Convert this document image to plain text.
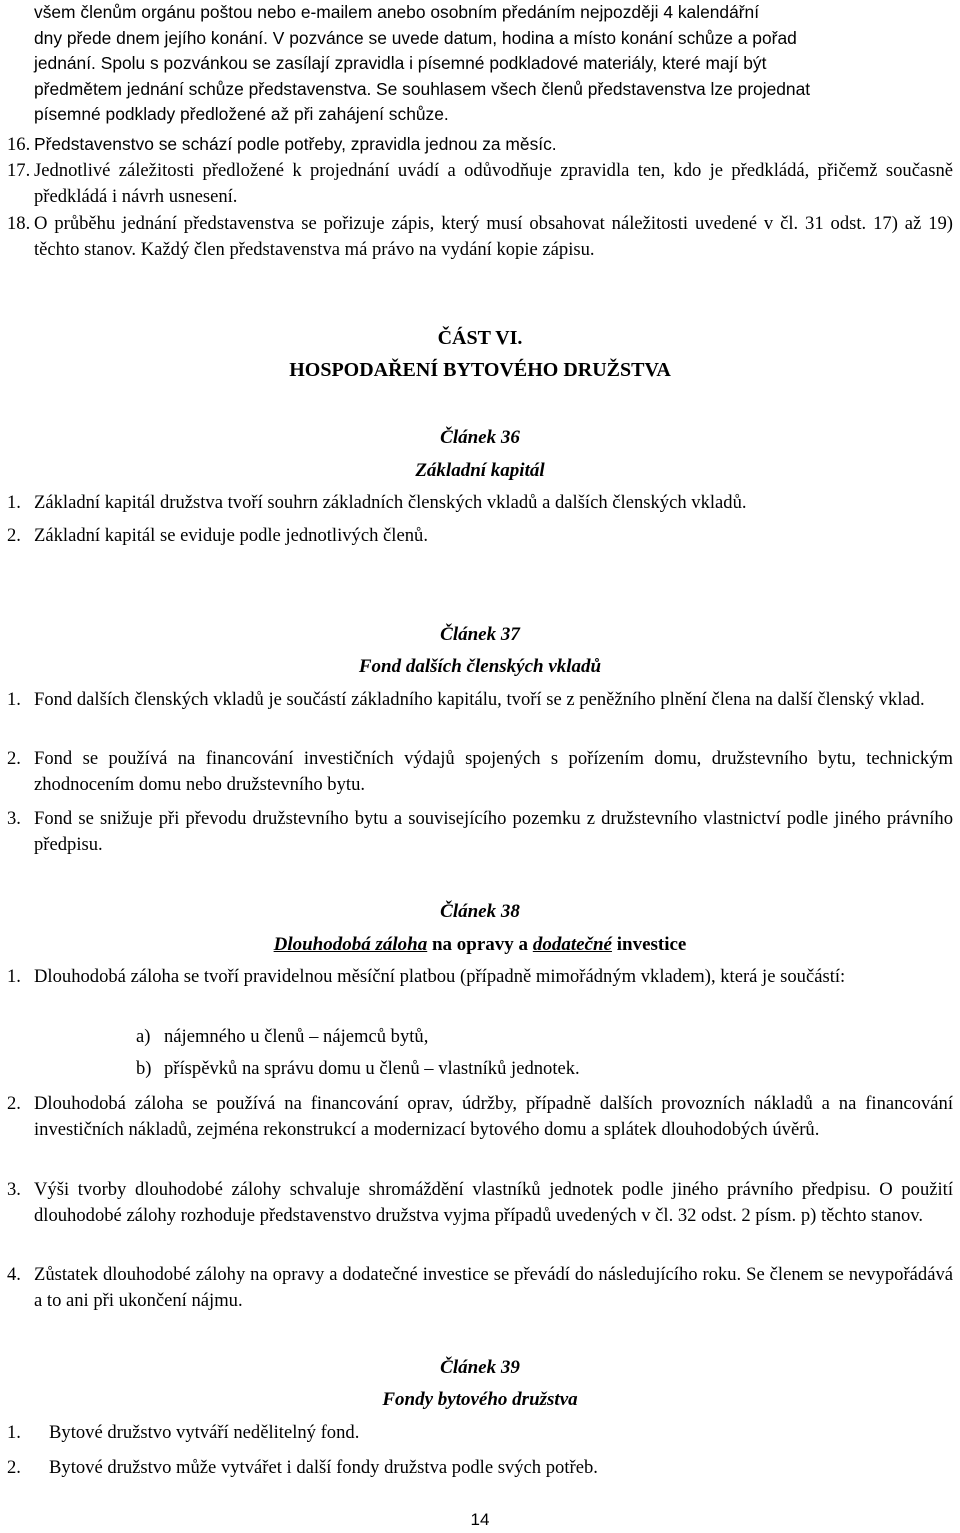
všem členům orgánu poštou nebo e-mailem anebo osobním předáním nejpozději 4 kalendářní
dny přede dnem jejího konání. V pozvánce se uvede datum, hodina a místo konání schůze a pořad
jednání. Spolu s pozvánkou se zasílají zpravidla i písemné podkladové materiály, které mají být
předmětem jednání schůze představenstva. Se souhlasem všech členů představenstva lze projednat
písemné podklady předložené až při zahájení schůze.
16. Představenstvo se schází podle potřeby, zpravidla jednou za měsíc.
17. Jednotlivé záležitosti předložené k projednání uvádí a odůvodňuje zpravidla ten, kdo je předkládá, přičemž současně předkládá i návrh usnesení.
18. O průběhu jednání představenstva se pořizuje zápis, který musí obsahovat náležitosti uvedené v čl. 31 odst. 17) až 19) těchto stanov. Každý člen představenstva má právo na vydání kopie zápisu.
ČÁST VI.
HOSPODAŘENÍ BYTOVÉHO DRUŽSTVA
Článek 36
Základní kapitál
1. Základní kapitál družstva tvoří souhrn základních členských vkladů a dalších členských vkladů.
2. Základní kapitál se eviduje podle jednotlivých členů.
Článek 37
Fond dalších členských vkladů
1. Fond dalších členských vkladů je součástí základního kapitálu, tvoří se z peněžního plnění člena na další členský vklad.
2. Fond se používá na financování investičních výdajů spojených s pořízením domu, družstevního bytu, technickým zhodnocením domu nebo družstevního bytu.
3. Fond se snižuje při převodu družstevního bytu a souvisejícího pozemku z družstevního vlastnictví podle jiného právního předpisu.
Článek 38
Dlouhodobá záloha na opravy a dodatečné investice
1. Dlouhodobá záloha se tvoří pravidelnou měsíční platbou (případně mimořádným vkladem), která je součástí:
a) nájemného u členů – nájemců bytů,
b) příspěvků na správu domu u členů – vlastníků jednotek.
2. Dlouhodobá záloha se používá na financování oprav, údržby, případně dalších provozních nákladů a na financování investičních nákladů, zejména rekonstrukcí a modernizací bytového domu a splátek dlouhodobých úvěrů.
3. Výši tvorby dlouhodobé zálohy schvaluje shromáždění vlastníků jednotek podle jiného právního předpisu. O použití dlouhodobé zálohy rozhoduje představenstvo družstva vyjma případů uvedených v čl. 32 odst. 2 písm. p) těchto stanov.
4. Zůstatek dlouhodobé zálohy na opravy a dodatečné investice se převádí do následujícího roku. Se členem se nevypořádává a to ani při ukončení nájmu.
Článek 39
Fondy bytového družstva
1. Bytové družstvo vytváří nedělitelný fond.
2. Bytové družstvo může vytvářet i další fondy družstva podle svých potřeb.
14
